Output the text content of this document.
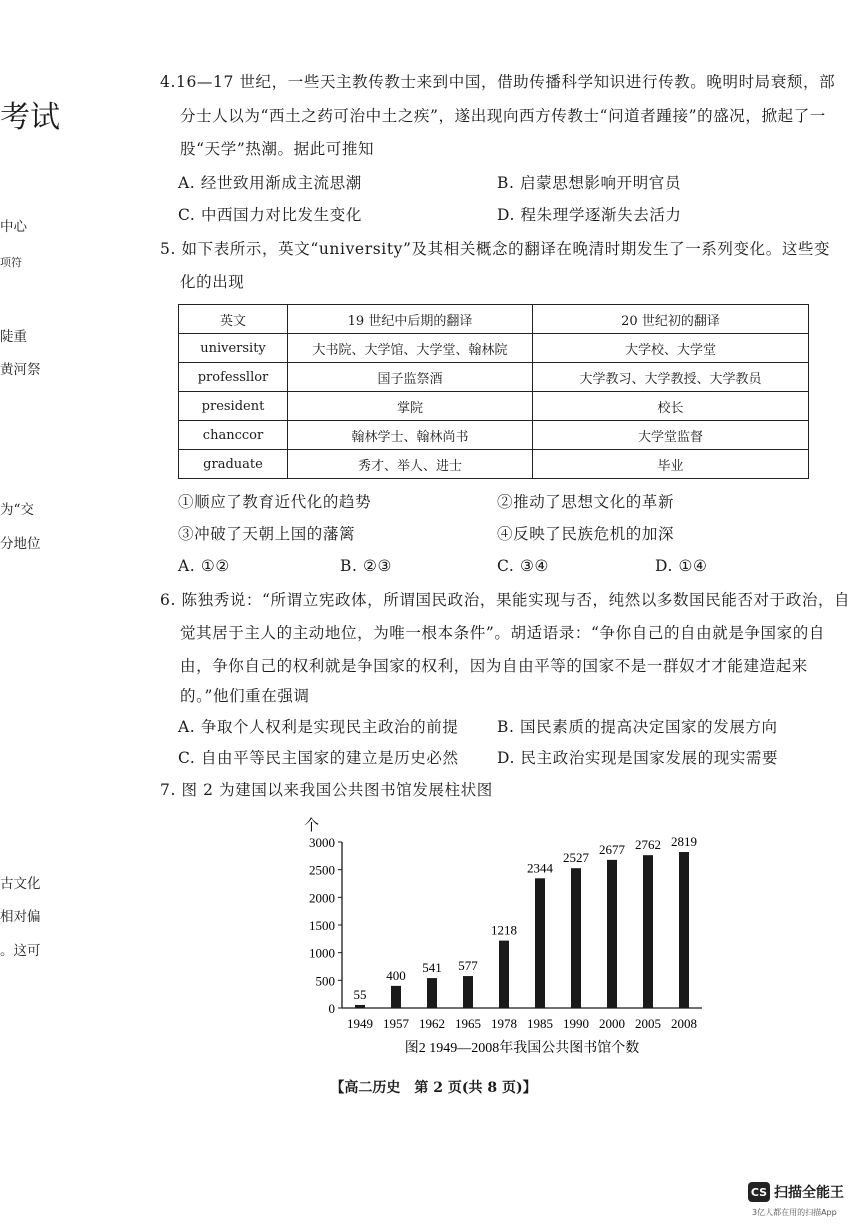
考试
中心
项符
陡重
黄河祭
为“交
分地位
古文化
相对偏
。这可
4.16—17 世纪，一些天主教传教士来到中国，借助传播科学知识进行传教。晚明时局衰颓，部
分士人以为“西土之药可治中土之疾”，遂出现向西方传教士“问道者踵接”的盛况，掀起了一
股“天学”热潮。据此可推知
A. 经世致用渐成主流思潮	B. 启蒙思想影响开明官员
C. 中西国力对比发生变化	D. 程朱理学逐渐失去活力
5. 如下表所示，英文“university”及其相关概念的翻译在晚清时期发生了一系列变化。这些变
化的出现
英文	19 世纪中后期的翻译	20 世纪初的翻译
university	大书院、大学馆、大学堂、翰林院	大学校、大学堂
professllor	国子监祭酒	大学教习、大学教授、大学教员
president	掌院	校长
chanccor	翰林学士、翰林尚书	大学堂监督
graduate	秀才、举人、进士	毕业
①顺应了教育近代化的趋势	②推动了思想文化的革新
③冲破了天朝上国的藩篱	④反映了民族危机的加深
A. ①②	B. ②③	C. ③④	D. ①④
6. 陈独秀说：“所谓立宪政体，所谓国民政治，果能实现与否，纯然以多数国民能否对于政治，自
觉其居于主人的主动地位，为唯一根本条件”。胡适语录：“争你自己的自由就是争国家的自
由，争你自己的权利就是争国家的权利，因为自由平等的国家不是一群奴才才能建造起来
的。”他们重在强调
A. 争取个人权利是实现民主政治的前提 B. 国民素质的提高决定国家的发展方向
C. 自由平等民主国家的建立是历史必然 D. 民主政治实现是国家发展的现实需要
7. 图 2 为建国以来我国公共图书馆发展柱状图
个
0
500
1000
1500
2000
2500
3000
55
400
541 577
1218
2344
2527
2677 2762 2819
1949 1957 1962 1965 1978 1985 1990 2000 2005 2008
图2 1949—2008年我国公共图书馆个数
【高二历史　第 2 页(共 8 页)】
CS 扫描全能王
3亿人都在用的扫描App
